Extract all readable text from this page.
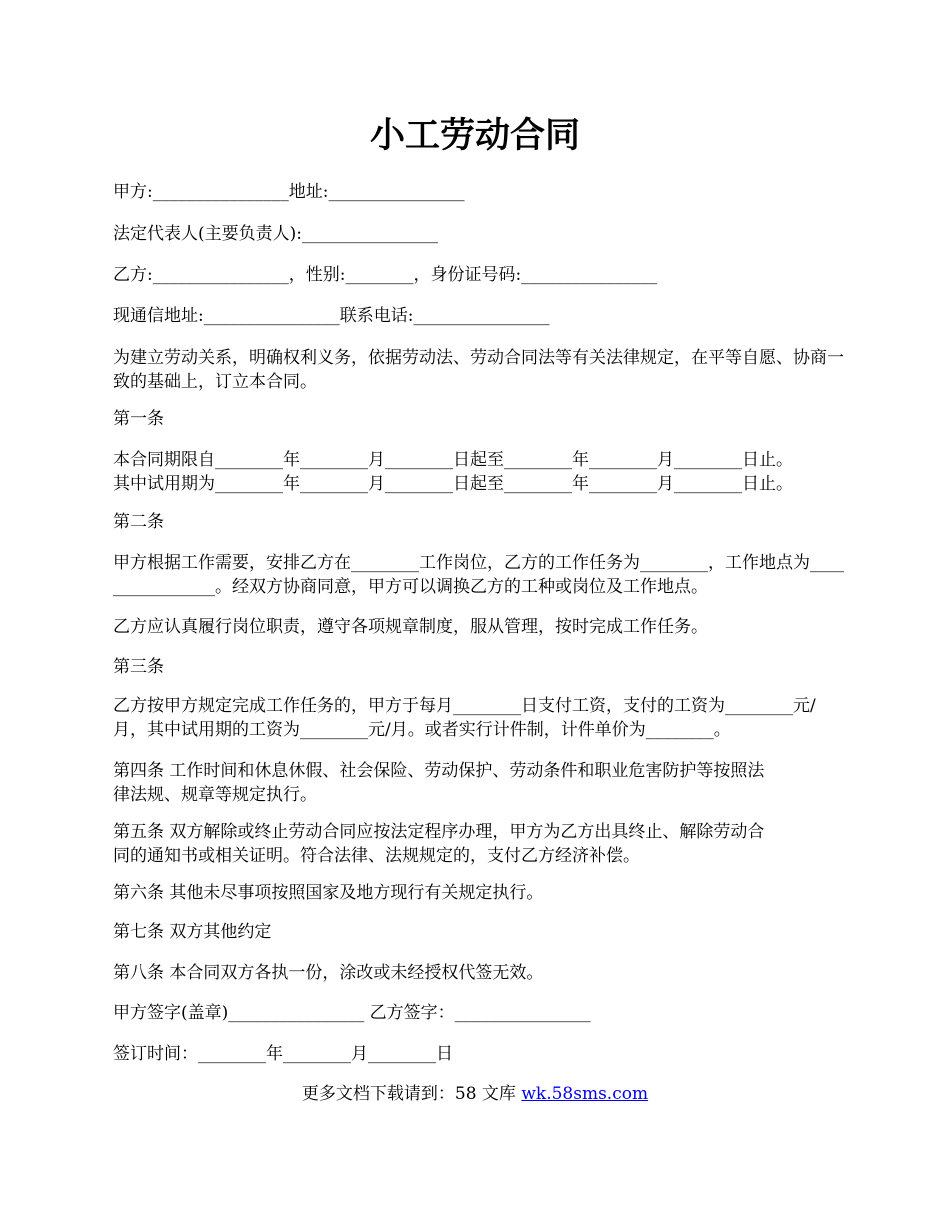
小工劳动合同

甲方:________________地址:________________

法定代表人(主要负责人):________________

乙方:________________，性别:________，身份证号码:________________

现通信地址:________________联系电话:________________

为建立劳动关系，明确权利义务，依据劳动法、劳动合同法等有关法律规定，在平等自愿、协商一致的基础上，订立本合同。

第一条

本合同期限自________年________月________日起至________年________月________日止。
其中试用期为________年________月________日起至________年________月________日止。

第二条

甲方根据工作需要，安排乙方在________工作岗位，乙方的工作任务为________，工作地点为________________。经双方协商同意，甲方可以调换乙方的工种或岗位及工作地点。

乙方应认真履行岗位职责，遵守各项规章制度，服从管理，按时完成工作任务。

第三条

乙方按甲方规定完成工作任务的，甲方于每月________日支付工资，支付的工资为________元/月，其中试用期的工资为________元/月。或者实行计件制，计件单价为________。

第四条 工作时间和休息休假、社会保险、劳动保护、劳动条件和职业危害防护等按照法
律法规、规章等规定执行。

第五条 双方解除或终止劳动合同应按法定程序办理，甲方为乙方出具终止、解除劳动合
同的通知书或相关证明。符合法律、法规规定的，支付乙方经济补偿。

第六条 其他未尽事项按照国家及地方现行有关规定执行。

第七条 双方其他约定

第八条 本合同双方各执一份，涂改或未经授权代签无效。

甲方签字(盖章)________________ 乙方签字：________________

签订时间：________年________月________日

更多文档下载请到：58 文库 wk.58sms.com
